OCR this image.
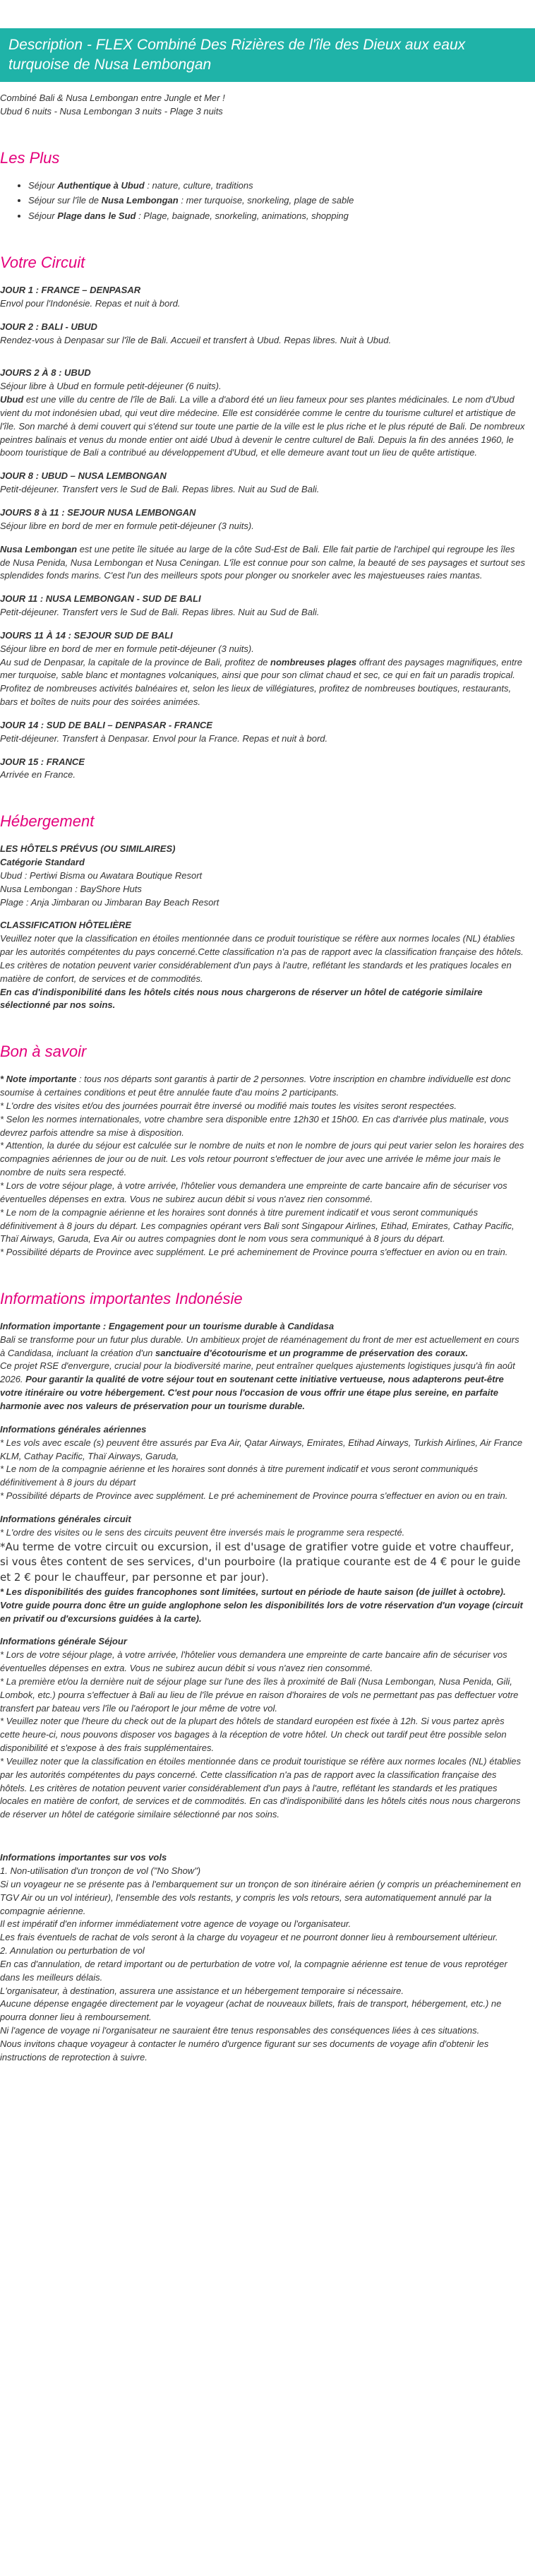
Description - FLEX Combiné Des Rizières de l'île des Dieux aux eaux turquoise de Nusa Lembongan

Combiné Bali & Nusa Lembongan entre Jungle et Mer !

Ubud 6 nuits - Nusa Lembongan 3 nuits - Plage 3 nuits

Les Plus
• Séjour Authentique à Ubud : nature, culture, traditions
• Séjour sur l'île de Nusa Lembongan : mer turquoise, snorkeling, plage de sable
• Séjour Plage dans le Sud : Plage, baignade, snorkeling, animations, shopping
Votre Circuit

JOUR 1 : FRANCE – DENPASAR

Envol pour l'Indonésie. Repas et nuit à bord.

JOUR 2 : BALI - UBUD

Rendez-vous à Denpasar sur l'île de Bali. Accueil et transfert à Ubud. Repas libres. Nuit à Ubud.

JOURS 2 À 8 : UBUD

Séjour libre à Ubud en formule petit-déjeuner (6 nuits).

Ubud est une ville du centre de l'île de Bali. La ville a d'abord été un lieu fameux pour ses plantes médicinales. Le nom d'Ubud vient du mot indonésien ubad, qui veut dire médecine. Elle est considérée comme le centre du tourisme culturel et artistique de l'île. Son marché à demi couvert qui s'étend sur toute une partie de la ville est le plus riche et le plus réputé de Bali. De nombreux peintres balinais et venus du monde entier ont aidé Ubud à devenir le centre culturel de Bali. Depuis la fin des années 1960, le boom touristique de Bali a contribué au développement d'Ubud, et elle demeure avant tout un lieu de quête artistique.

JOUR 8 : UBUD – NUSA LEMBONGAN

Petit-déjeuner. Transfert vers le Sud de Bali. Repas libres. Nuit au Sud de Bali.

JOURS 8 à 11 : SEJOUR NUSA LEMBONGAN

Séjour libre en bord de mer en formule petit-déjeuner (3 nuits).

Nusa Lembongan est une petite île située au large de la côte Sud-Est de Bali. Elle fait partie de l'archipel qui regroupe les îles de Nusa Penida, Nusa Lembongan et Nusa Ceningan. L'île est connue pour son calme, la beauté de ses paysages et surtout ses splendides fonds marins. C'est l'un des meilleurs spots pour plonger ou snorkeler avec les majestueuses raies mantas.

JOUR 11 : NUSA LEMBONGAN - SUD DE BALI

Petit-déjeuner. Transfert vers le Sud de Bali. Repas libres. Nuit au Sud de Bali.

JOURS 11 À 14 : SEJOUR SUD DE BALI

Séjour libre en bord de mer en formule petit-déjeuner (3 nuits).

Au sud de Denpasar, la capitale de la province de Bali, profitez de nombreuses plages offrant des paysages magnifiques, entre mer turquoise, sable blanc et montagnes volcaniques, ainsi que pour son climat chaud et sec, ce qui en fait un paradis tropical. Profitez de nombreuses activités balnéaires et, selon les lieux de villégiatures, profitez de nombreuses boutiques, restaurants, bars et boîtes de nuits pour des soirées animées.

JOUR 14 : SUD DE BALI – DENPASAR - FRANCE

Petit-déjeuner. Transfert à Denpasar. Envol pour la France. Repas et nuit à bord.

JOUR 15 : FRANCE

Arrivée en France.

Hébergement

LES HÔTELS PRÉVUS (OU SIMILAIRES)

Catégorie Standard

Ubud : Pertiwi Bisma ou Awatara Boutique Resort

Nusa Lembongan : BayShore Huts

Plage : Anja Jimbaran ou Jimbaran Bay Beach Resort

CLASSIFICATION HÔTELIÈRE

Veuillez noter que la classification en étoiles mentionnée dans ce produit touristique se réfère aux normes locales (NL) établies par les autorités compétentes du pays concerné.Cette classification n'a pas de rapport avec la classification française des hôtels. Les critères de notation peuvent varier considérablement d'un pays à l'autre, reflétant les standards et les pratiques locales en matière de confort, de services et de commodités.

En cas d'indisponibilité dans les hôtels cités nous nous chargerons de réserver un hôtel de catégorie similaire sélectionné par nos soins.

Bon à savoir

* Note importante : tous nos départs sont garantis à partir de 2 personnes. Votre inscription en chambre individuelle est donc soumise à certaines conditions et peut être annulée faute d'au moins 2 participants.

* L'ordre des visites et/ou des journées pourrait être inversé ou modifié mais toutes les visites seront respectées.

* Selon les normes internationales, votre chambre sera disponible entre 12h30 et 15h00. En cas d'arrivée plus matinale, vous devrez parfois attendre sa mise à disposition.

* Attention, la durée du séjour est calculée sur le nombre de nuits et non le nombre de jours qui peut varier selon les horaires des compagnies aériennes de jour ou de nuit. Les vols retour pourront s'effectuer de jour avec une arrivée le même jour mais le nombre de nuits sera respecté.

* Lors de votre séjour plage, à votre arrivée, l'hôtelier vous demandera une empreinte de carte bancaire afin de sécuriser vos éventuelles dépenses en extra. Vous ne subirez aucun débit si vous n'avez rien consommé.

* Le nom de la compagnie aérienne et les horaires sont donnés à titre purement indicatif et vous seront communiqués définitivement à 8 jours du départ. Les compagnies opérant vers Bali sont Singapour Airlines, Etihad, Emirates, Cathay Pacific, Thaï Airways, Garuda, Eva Air ou autres compagnies dont le nom vous sera communiqué à 8 jours du départ.

* Possibilité départs de Province avec supplément. Le pré acheminement de Province pourra s'effectuer en avion ou en train.

Informations importantes Indonésie

Information importante : Engagement pour un tourisme durable à Candidasa

Bali se transforme pour un futur plus durable. Un ambitieux projet de réaménagement du front de mer est actuellement en cours à Candidasa, incluant la création d'un sanctuaire d'écotourisme et un programme de préservation des coraux.

Ce projet RSE d'envergure, crucial pour la biodiversité marine, peut entraîner quelques ajustements logistiques jusqu'à fin août 2026. Pour garantir la qualité de votre séjour tout en soutenant cette initiative vertueuse, nous adapterons peut-être votre itinéraire ou votre hébergement. C'est pour nous l'occasion de vous offrir une étape plus sereine, en parfaite harmonie avec nos valeurs de préservation pour un tourisme durable.

Informations générales aériennes

* Les vols avec escale (s) peuvent être assurés par Eva Air, Qatar Airways, Emirates, Etihad Airways, Turkish Airlines, Air France KLM, Cathay Pacific, Thaï Airways, Garuda,

* Le nom de la compagnie aérienne et les horaires sont donnés à titre purement indicatif et vous seront communiqués définitivement à 8 jours du départ

* Possibilité départs de Province avec supplément. Le pré acheminement de Province pourra s'effectuer en avion ou en train.

Informations générales circuit

* L'ordre des visites ou le sens des circuits peuvent être inversés mais le programme sera respecté.

*Au terme de votre circuit ou excursion, il est d'usage de gratifier votre guide et votre chauffeur, si vous êtes content de ses services, d'un pourboire (la pratique courante est de 4 € pour le guide et 2 € pour le chauffeur, par personne et par jour).

* Les disponibilités des guides francophones sont limitées, surtout en période de haute saison (de juillet à octobre). Votre guide pourra donc être un guide anglophone selon les disponibilités lors de votre réservation d'un voyage (circuit en privatif ou d'excursions guidées à la carte).

Informations générale Séjour

* Lors de votre séjour plage, à votre arrivée, l'hôtelier vous demandera une empreinte de carte bancaire afin de sécuriser vos éventuelles dépenses en extra. Vous ne subirez aucun débit si vous n'avez rien consommé.

* La première et/ou la dernière nuit de séjour plage sur l'une des îles à proximité de Bali (Nusa Lembongan, Nusa Penida, Gili, Lombok, etc.) pourra s'effectuer à Bali au lieu de l'île prévue en raison d'horaires de vols ne permettant pas pas deffectuer votre transfert par bateau vers l'île ou l'aéroport le jour même de votre vol.

* Veuillez noter que l'heure du check out de la plupart des hôtels de standard européen est fixée à 12h. Si vous partez après cette heure-ci, nous pouvons disposer vos bagages à la réception de votre hôtel. Un check out tardif peut être possible selon disponibilité et s'expose à des frais supplémentaires.

* Veuillez noter que la classification en étoiles mentionnée dans ce produit touristique se réfère aux normes locales (NL) établies par les autorités compétentes du pays concerné. Cette classification n'a pas de rapport avec la classification française des hôtels. Les critères de notation peuvent varier considérablement d'un pays à l'autre, reflétant les standards et les pratiques locales en matière de confort, de services et de commodités. En cas d'indisponibilité dans les hôtels cités nous nous chargerons de réserver un hôtel de catégorie similaire sélectionné par nos soins.

Informations importantes sur vos vols

1. Non-utilisation d'un tronçon de vol ("No Show")

Si un voyageur ne se présente pas à l'embarquement sur un tronçon de son itinéraire aérien (y compris un préacheminement en TGV Air ou un vol intérieur), l'ensemble des vols restants, y compris les vols retours, sera automatiquement annulé par la compagnie aérienne.

Il est impératif d'en informer immédiatement votre agence de voyage ou l'organisateur.

Les frais éventuels de rachat de vols seront à la charge du voyageur et ne pourront donner lieu à remboursement ultérieur.

2. Annulation ou perturbation de vol

En cas d'annulation, de retard important ou de perturbation de votre vol, la compagnie aérienne est tenue de vous reprotéger dans les meilleurs délais.

L'organisateur, à destination, assurera une assistance et un hébergement temporaire si nécessaire.

Aucune dépense engagée directement par le voyageur (achat de nouveaux billets, frais de transport, hébergement, etc.) ne pourra donner lieu à remboursement.

Ni l'agence de voyage ni l'organisateur ne sauraient être tenus responsables des conséquences liées à ces situations.

Nous invitons chaque voyageur à contacter le numéro d'urgence figurant sur ses documents de voyage afin d'obtenir les instructions de reprotection à suivre.
